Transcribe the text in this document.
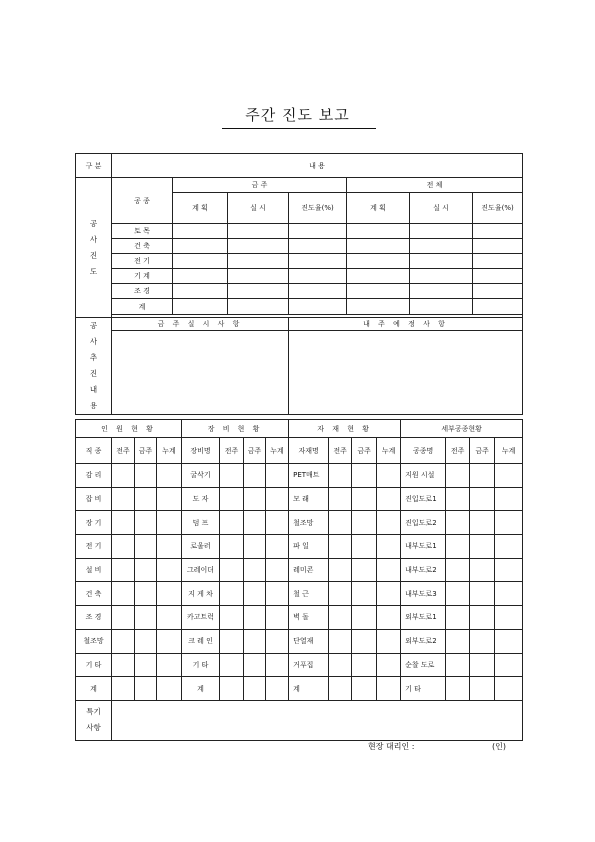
주간 진도 보고
구 분	내 용						
공사진도	공 종	금 주			전 체		
		계 획	실 시	진도율(%)	계 획	실 시	진도율(%)
	토 목						
	건 축						
	전 기						
	기 계						
	조 경						
	계						

공사추진내용	금 주 실 시 사 항			내 주 예 정 사 항			

인 원 현 황				장 비 현 황				자 재 현 황				세부공종현황			
직 종	전주	금주	누계	장비명	전주	금주	누계	자재명	전주	금주	누계	공종명	전주	금주	누계
감 리				굴삭기				PET매트				지원 시설			
잡 비				도 자				모 래				진입도로1			
장 기				덤 프				철조망				진입도로2			
전 기				로울러				파 일				내부도로1			
설 비				그레이더				레미콘				내부도로2			
건 축				지 게 차				철 근				내부도로3			
조 경				카고트럭				벽 돌				외부도로1			
철조망				크 레 인				단열재				외부도로2			
기 타				기 타				거푸집				순찰 도로			
계				계				계				기 타			
특기사항															
현장 대리인 :	(인)
